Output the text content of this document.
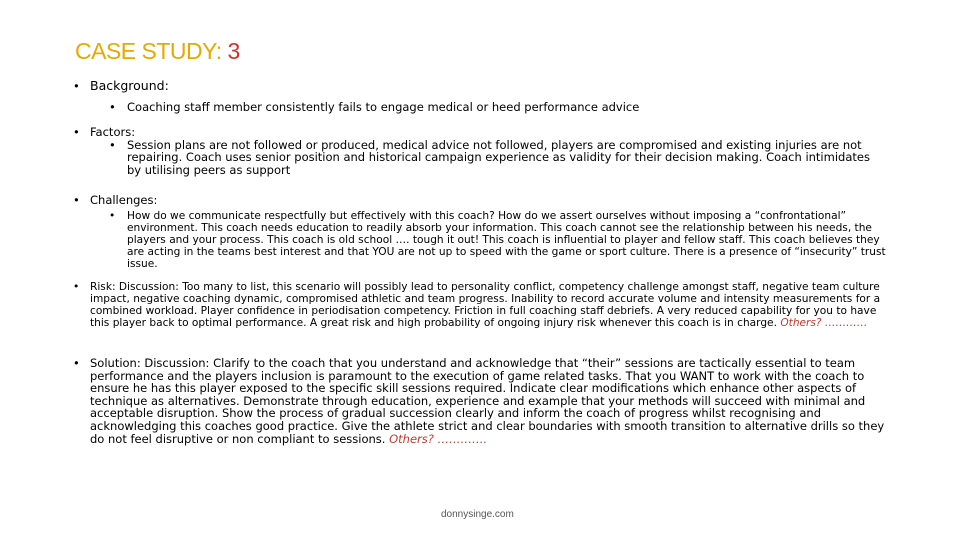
CASE STUDY: 3
• Background:
• Coaching staff member consistently fails to engage medical or heed performance advice
• Factors:
• Session plans are not followed or produced, medical advice not followed, players are compromised and existing injuries are not repairing. Coach uses senior position and historical campaign experience as validity for their decision making. Coach intimidates by utilising peers as support
• Challenges:
• How do we communicate respectfully but effectively with this coach? How do we assert ourselves without imposing a “confrontational” environment. This coach needs education to readily absorb your information. This coach cannot see the relationship between his needs, the players and your process. This coach is old school …. tough it out! This coach is influential to player and fellow staff. This coach believes they are acting in the teams best interest and that YOU are not up to speed with the game or sport culture. There is a presence of “insecurity” trust issue.
• Risk: Discussion: Too many to list, this scenario will possibly lead to personality conflict, competency challenge amongst staff, negative team culture impact, negative coaching dynamic, compromised athletic and team progress. Inability to record accurate volume and intensity measurements for a combined workload. Player confidence in periodisation competency. Friction in full coaching staff debriefs. A very reduced capability for you to have this player back to optimal performance. A great risk and high probability of ongoing injury risk whenever this coach is in charge. Others? …………
• Solution: Discussion: Clarify to the coach that you understand and acknowledge that “their” sessions are tactically essential to team performance and the players inclusion is paramount to the execution of game related tasks. That you WANT to work with the coach to ensure he has this player exposed to the specific skill sessions required. Indicate clear modifications which enhance other aspects of technique as alternatives. Demonstrate through education, experience and example that your methods will succeed with minimal and acceptable disruption. Show the process of gradual succession clearly and inform the coach of progress whilst recognising and acknowledging this coaches good practice. Give the athlete strict and clear boundaries with smooth transition to alternative drills so they do not feel disruptive or non compliant to sessions. Others? ………….
donnysinge.com
